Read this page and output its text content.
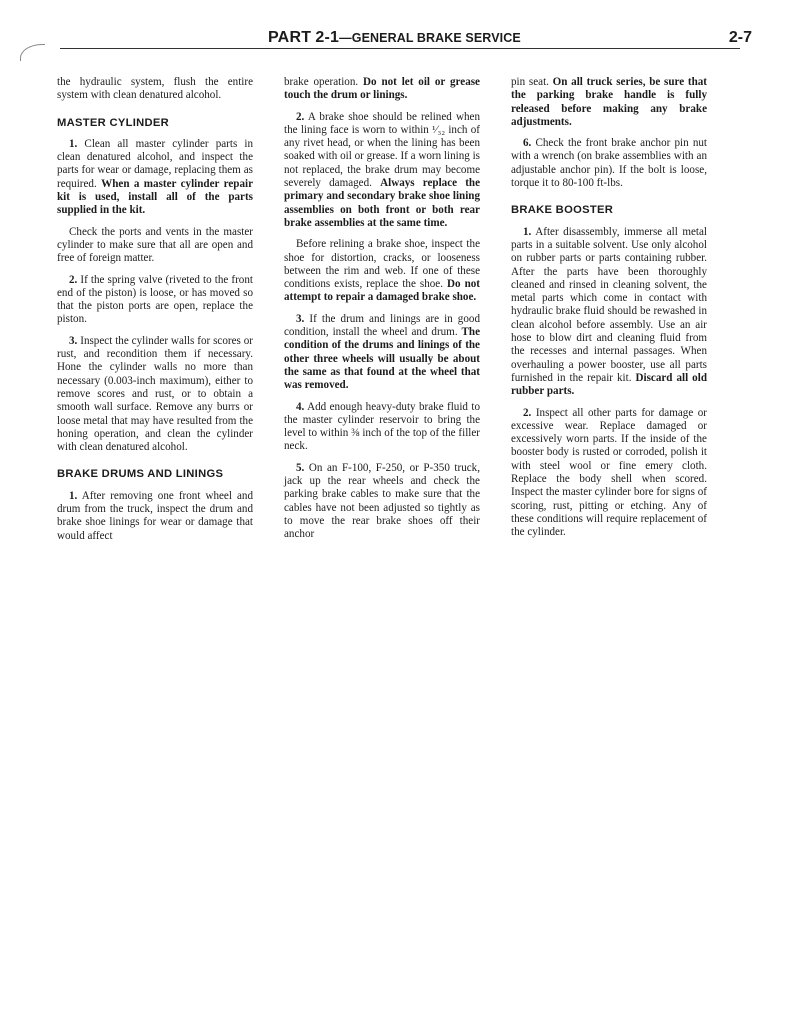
PART 2-1—GENERAL BRAKE SERVICE	2-7

the hydraulic system, flush the entire system with clean denatured alcohol.

MASTER CYLINDER

1. Clean all master cylinder parts in clean denatured alcohol, and inspect the parts for wear or damage, replacing them as required. When a master cylinder repair kit is used, install all of the parts supplied in the kit.

Check the ports and vents in the master cylinder to make sure that all are open and free of foreign matter.

2. If the spring valve (riveted to the front end of the piston) is loose, or has moved so that the piston ports are open, replace the piston.

3. Inspect the cylinder walls for scores or rust, and recondition them if necessary. Hone the cylinder walls no more than necessary (0.003-inch maximum), either to remove scores and rust, or to obtain a smooth wall surface. Remove any burrs or loose metal that may have resulted from the honing operation, and clean the cylinder with clean denatured alcohol.

BRAKE DRUMS AND LININGS

1. After removing one front wheel and drum from the truck, inspect the drum and brake shoe linings for wear or damage that would affect

brake operation. Do not let oil or grease touch the drum or linings.

2. A brake shoe should be relined when the lining face is worn to within ¹⁄₃₂ inch of any rivet head, or when the lining has been soaked with oil or grease. If a worn lining is not replaced, the brake drum may become severely damaged. Always replace the primary and secondary brake shoe lining assemblies on both front or both rear brake assemblies at the same time.

Before relining a brake shoe, inspect the shoe for distortion, cracks, or looseness between the rim and web. If one of these conditions exists, replace the shoe. Do not attempt to repair a damaged brake shoe.

3. If the drum and linings are in good condition, install the wheel and drum. The condition of the drums and linings of the other three wheels will usually be about the same as that found at the wheel that was removed.

4. Add enough heavy-duty brake fluid to the master cylinder reservoir to bring the level to within ⅜ inch of the top of the filler neck.

5. On an F-100, F-250, or P-350 truck, jack up the rear wheels and check the parking brake cables to make sure that the cables have not been adjusted so tightly as to move the rear brake shoes off their anchor

pin seat. On all truck series, be sure that the parking brake handle is fully released before making any brake adjustments.

6. Check the front brake anchor pin nut with a wrench (on brake assemblies with an adjustable anchor pin). If the bolt is loose, torque it to 80-100 ft-lbs.

BRAKE BOOSTER

1. After disassembly, immerse all metal parts in a suitable solvent. Use only alcohol on rubber parts or parts containing rubber. After the parts have been thoroughly cleaned and rinsed in cleaning solvent, the metal parts which come in contact with hydraulic brake fluid should be rewashed in clean alcohol before assembly. Use an air hose to blow dirt and cleaning fluid from the recesses and internal passages. When overhauling a power booster, use all parts furnished in the repair kit. Discard all old rubber parts.

2. Inspect all other parts for damage or excessive wear. Replace damaged or excessively worn parts. If the inside of the booster body is rusted or corroded, polish it with steel wool or fine emery cloth. Replace the body shell when scored. Inspect the master cylinder bore for signs of scoring, rust, pitting or etching. Any of these conditions will require replacement of the cylinder.
